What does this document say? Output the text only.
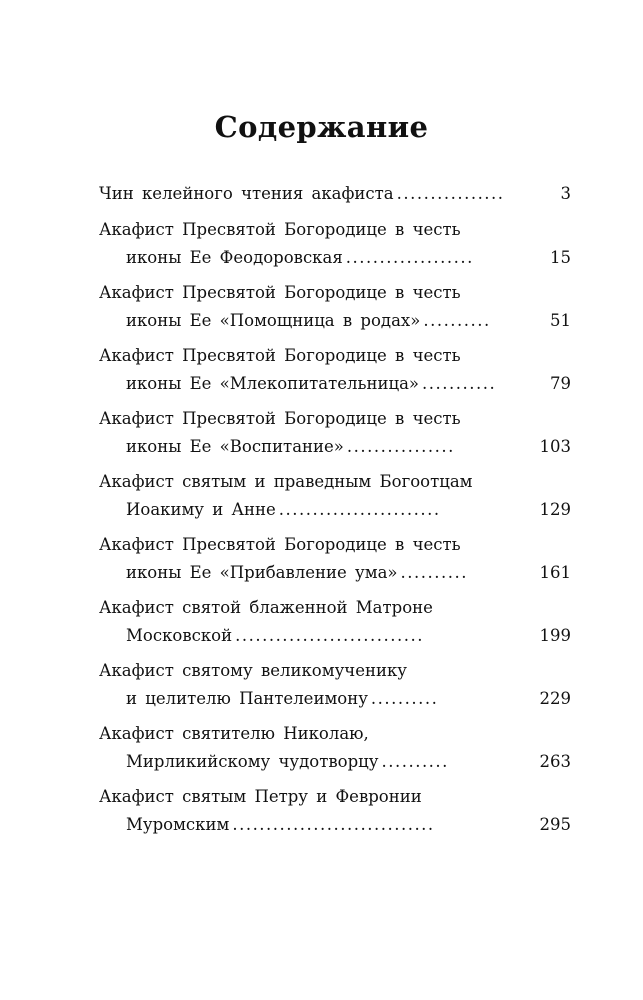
Содержание
Чин келейного чтения акафиста ................	3
Акафист Пресвятой Богородице в честь
иконы Ее Феодоровская ...................	15
Акафист Пресвятой Богородице в честь
иконы Ее «Помощница в родах» ..........	51
Акафист Пресвятой Богородице в честь
иконы Ее «Млекопитательница» ...........	79
Акафист Пресвятой Богородице в честь
иконы Ее «Воспитание» ................	103
Акафист святым и праведным Богоотцам
Иоакиму и Анне ........................	129
Акафист Пресвятой Богородице в честь
иконы Ее «Прибавление ума» ..........	161
Акафист святой блаженной Матроне
Московской ............................	199
Акафист святому великомученику
и целителю Пантелеимону ..........	229
Акафист святителю Николаю,
Мирликийскому чудотворцу ..........	263
Акафист святым Петру и Февронии
Муромским ..............................	295
